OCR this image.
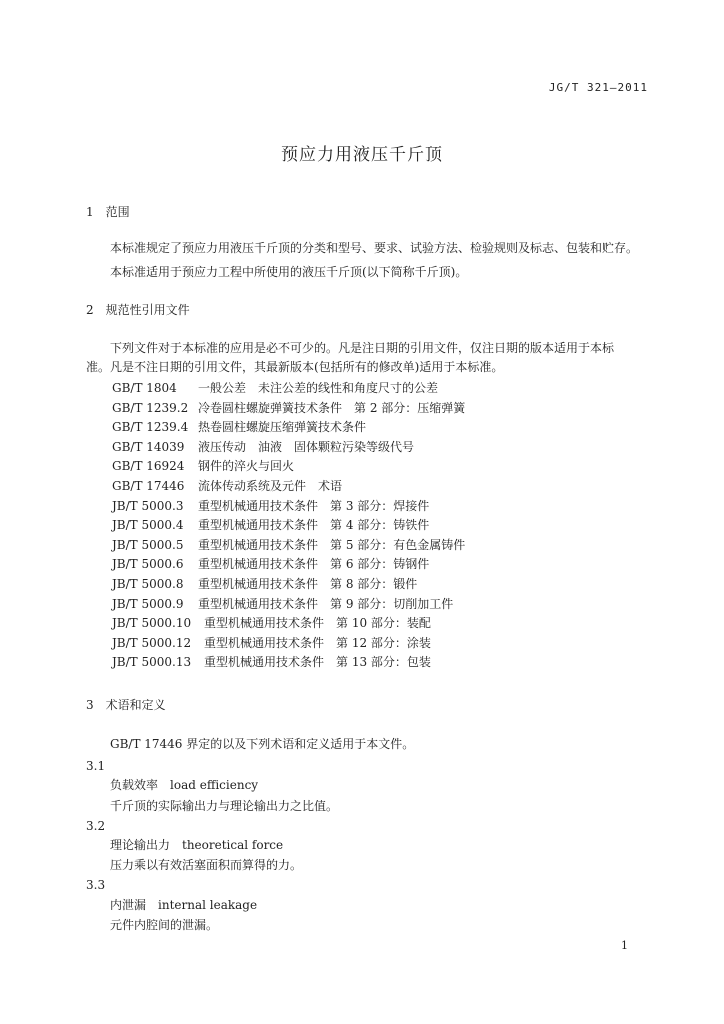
JG/T 321—2011
预应力用液压千斤顶
1　范围
本标准规定了预应力用液压千斤顶的分类和型号、要求、试验方法、检验规则及标志、包装和贮存。
本标准适用于预应力工程中所使用的液压千斤顶(以下简称千斤顶)。
2　规范性引用文件
下列文件对于本标准的应用是必不可少的。凡是注日期的引用文件，仅注日期的版本适用于本标
准。凡是不注日期的引用文件，其最新版本(包括所有的修改单)适用于本标准。
GB/T 1804 一般公差　未注公差的线性和角度尺寸的公差
GB/T 1239.2 冷卷圆柱螺旋弹簧技术条件　第 2 部分：压缩弹簧
GB/T 1239.4 热卷圆柱螺旋压缩弹簧技术条件
GB/T 14039 液压传动　油液　固体颗粒污染等级代号
GB/T 16924 钢件的淬火与回火
GB/T 17446 流体传动系统及元件　术语
JB/T 5000.3 重型机械通用技术条件　第 3 部分：焊接件
JB/T 5000.4 重型机械通用技术条件　第 4 部分：铸铁件
JB/T 5000.5 重型机械通用技术条件　第 5 部分：有色金属铸件
JB/T 5000.6 重型机械通用技术条件　第 6 部分：铸钢件
JB/T 5000.8 重型机械通用技术条件　第 8 部分：锻件
JB/T 5000.9 重型机械通用技术条件　第 9 部分：切削加工件
JB/T 5000.10 重型机械通用技术条件　第 10 部分：装配
JB/T 5000.12 重型机械通用技术条件　第 12 部分：涂装
JB/T 5000.13 重型机械通用技术条件　第 13 部分：包装
3　术语和定义
GB/T 17446 界定的以及下列术语和定义适用于本文件。
3.1
负载效率　load efficiency
千斤顶的实际输出力与理论输出力之比值。
3.2
理论输出力　theoretical force
压力乘以有效活塞面积而算得的力。
3.3
内泄漏　internal leakage
元件内腔间的泄漏。
1
